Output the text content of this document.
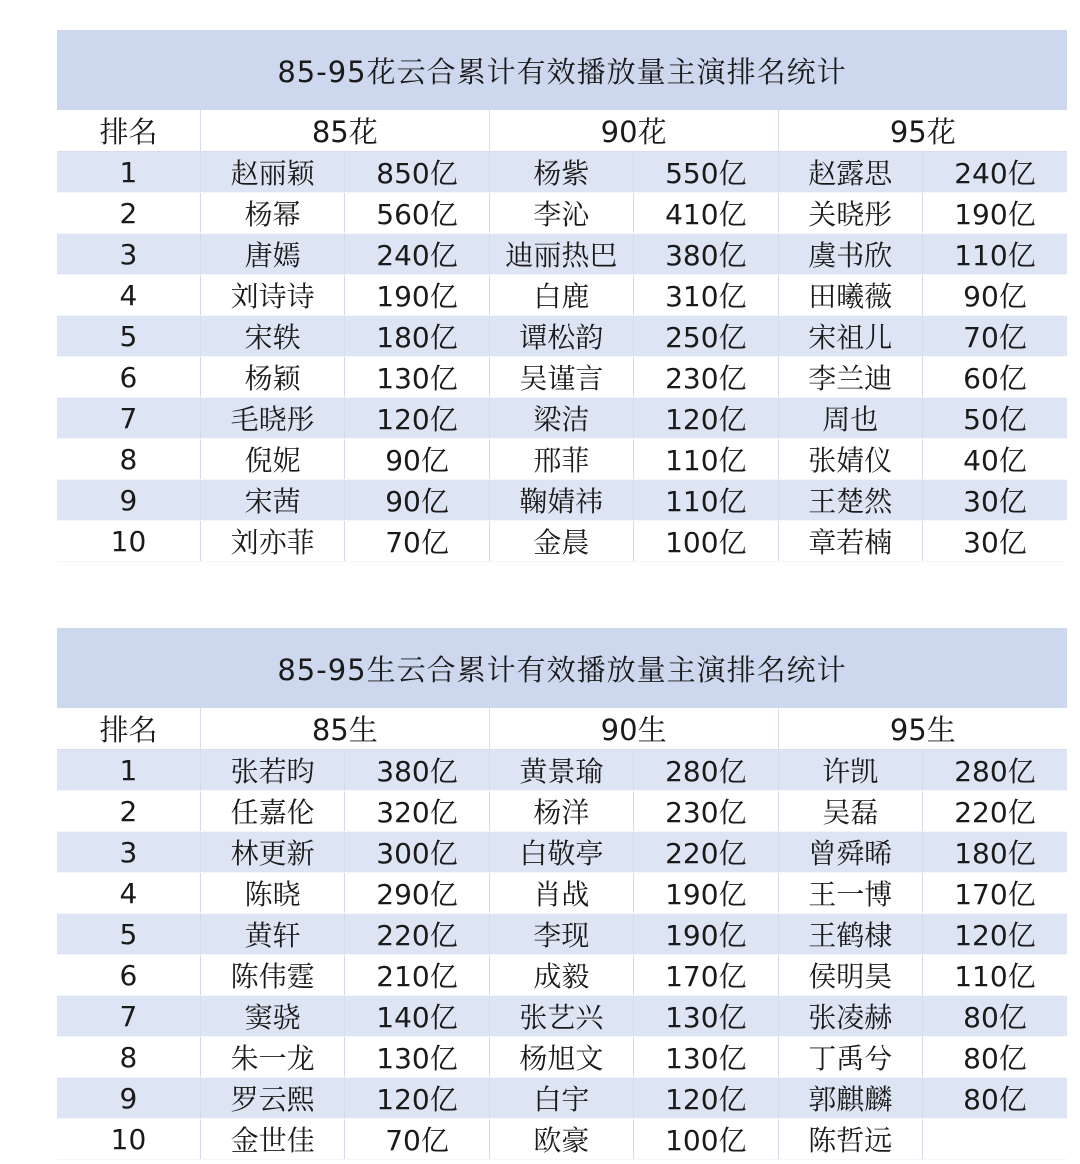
85-95花云合累计有效播放量主演排名统计						
排名	85花		90花		95花	
1	赵丽颖	850亿	杨紫	550亿	赵露思	240亿
2	杨幂	560亿	李沁	410亿	关晓彤	190亿
3	唐嫣	240亿	迪丽热巴	380亿	虞书欣	110亿
4	刘诗诗	190亿	白鹿	310亿	田曦薇	90亿
5	宋轶	180亿	谭松韵	250亿	宋祖儿	70亿
6	杨颖	130亿	吴谨言	230亿	李兰迪	60亿
7	毛晓彤	120亿	梁洁	120亿	周也	50亿
8	倪妮	90亿	邢菲	110亿	张婧仪	40亿
9	宋茜	90亿	鞠婧祎	110亿	王楚然	30亿
10	刘亦菲	70亿	金晨	100亿	章若楠	30亿
85-95生云合累计有效播放量主演排名统计						
排名	85生		90生		95生	
1	张若昀	380亿	黄景瑜	280亿	许凯	280亿
2	任嘉伦	320亿	杨洋	230亿	吴磊	220亿
3	林更新	300亿	白敬亭	220亿	曾舜晞	180亿
4	陈晓	290亿	肖战	190亿	王一博	170亿
5	黄轩	220亿	李现	190亿	王鹤棣	120亿
6	陈伟霆	210亿	成毅	170亿	侯明昊	110亿
7	窦骁	140亿	张艺兴	130亿	张凌赫	80亿
8	朱一龙	130亿	杨旭文	130亿	丁禹兮	80亿
9	罗云熙	120亿	白宇	120亿	郭麒麟	80亿
10	金世佳	70亿	欧豪	100亿	陈哲远	
